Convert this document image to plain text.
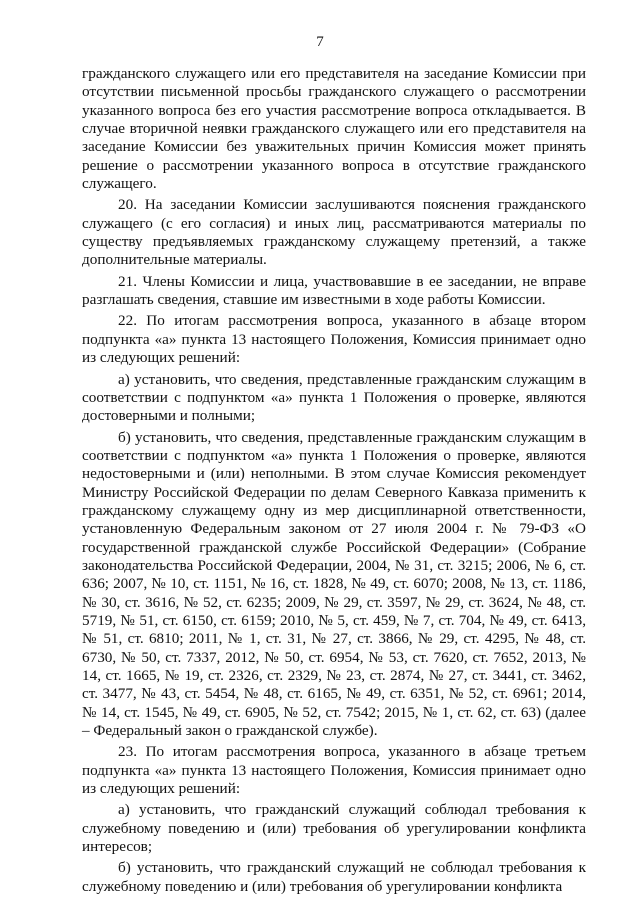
7

гражданского служащего или его представителя на заседание Комиссии при отсутствии письменной просьбы гражданского служащего о рассмотрении указанного вопроса без его участия рассмотрение вопроса откладывается. В случае вторичной неявки гражданского служащего или его представителя на заседание Комиссии без уважительных причин Комиссия может принять решение о рассмотрении указанного вопроса в отсутствие гражданского служащего.

20. На заседании Комиссии заслушиваются пояснения гражданского служащего (с его согласия) и иных лиц, рассматриваются материалы по существу предъявляемых гражданскому служащему претензий, а также дополнительные материалы.

21. Члены Комиссии и лица, участвовавшие в ее заседании, не вправе разглашать сведения, ставшие им известными в ходе работы Комиссии.

22. По итогам рассмотрения вопроса, указанного в абзаце втором подпункта «а» пункта 13 настоящего Положения, Комиссия принимает одно из следующих решений:

а) установить, что сведения, представленные гражданским служащим в соответствии с подпунктом «а» пункта 1 Положения о проверке, являются достоверными и полными;

б) установить, что сведения, представленные гражданским служащим в соответствии с подпунктом «а» пункта 1 Положения о проверке, являются недостоверными и (или) неполными. В этом случае Комиссия рекомендует Министру Российской Федерации по делам Северного Кавказа применить к гражданскому служащему одну из мер дисциплинарной ответственности, установленную Федеральным законом от 27 июля 2004 г. № 79-ФЗ «О государственной гражданской службе Российской Федерации» (Собрание законодательства Российской Федерации, 2004, № 31, ст. 3215; 2006, № 6, ст. 636; 2007, № 10, ст. 1151, № 16, ст. 1828, № 49, ст. 6070; 2008, № 13, ст. 1186, № 30, ст. 3616, № 52, ст. 6235; 2009, № 29, ст. 3597, № 29, ст. 3624, № 48, ст. 5719, № 51, ст. 6150, ст. 6159; 2010, № 5, ст. 459, № 7, ст. 704, № 49, ст. 6413, № 51, ст. 6810; 2011, № 1, ст. 31, № 27, ст. 3866, № 29, ст. 4295, № 48, ст. 6730, № 50, ст. 7337, 2012, № 50, ст. 6954, № 53, ст. 7620, ст. 7652, 2013, № 14, ст. 1665, № 19, ст. 2326, ст. 2329, № 23, ст. 2874, № 27, ст. 3441, ст. 3462, ст. 3477, № 43, ст. 5454, № 48, ст. 6165, № 49, ст. 6351, № 52, ст. 6961; 2014, № 14, ст. 1545, № 49, ст. 6905, № 52, ст. 7542; 2015, № 1, ст. 62, ст. 63) (далее – Федеральный закон о гражданской службе).

23. По итогам рассмотрения вопроса, указанного в абзаце третьем подпункта «а» пункта 13 настоящего Положения, Комиссия принимает одно из следующих решений:

а) установить, что гражданский служащий соблюдал требования к служебному поведению и (или) требования об урегулировании конфликта интересов;

б) установить, что гражданский служащий не соблюдал требования к служебному поведению и (или) требования об урегулировании конфликта
